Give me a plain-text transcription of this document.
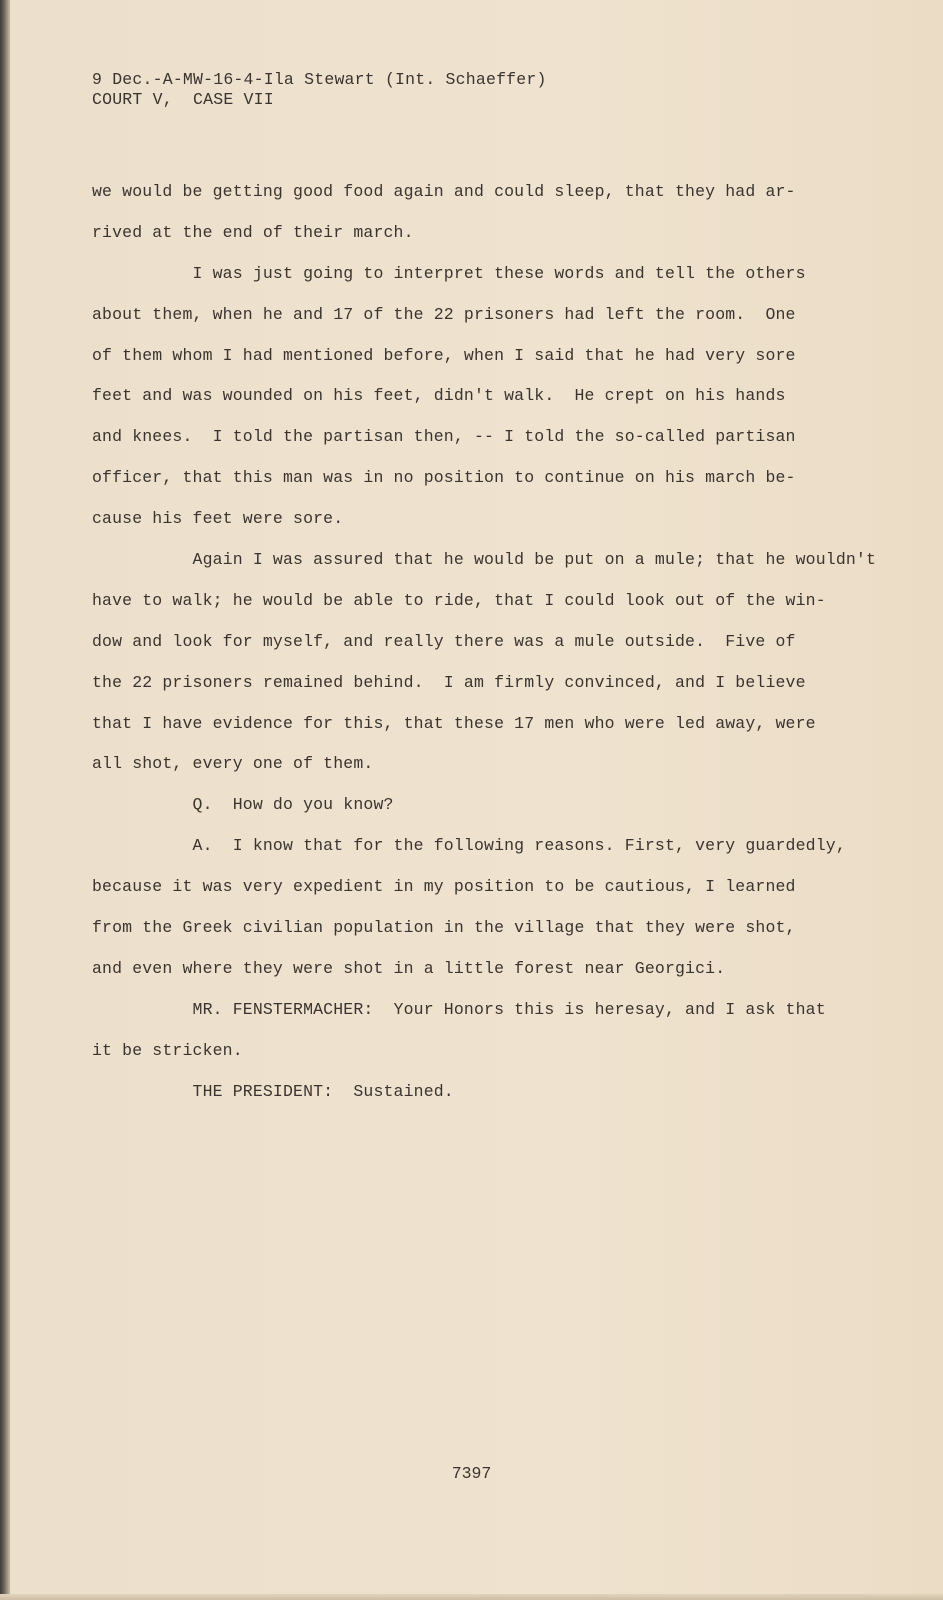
9 Dec.-A-MW-16-4-Ila Stewart (Int. Schaeffer)
COURT V,  CASE VII
we would be getting good food again and could sleep, that they had ar-
rived at the end of their march.
I was just going to interpret these words and tell the others
about them, when he and 17 of the 22 prisoners had left the room.  One
of them whom I had mentioned before, when I said that he had very sore
feet and was wounded on his feet, didn't walk.  He crept on his hands
and knees.  I told the partisan then, -- I told the so-called partisan
officer, that this man was in no position to continue on his march be-
cause his feet were sore.
Again I was assured that he would be put on a mule; that he wouldn't
have to walk; he would be able to ride, that I could look out of the win-
dow and look for myself, and really there was a mule outside.  Five of
the 22 prisoners remained behind.  I am firmly convinced, and I believe
that I have evidence for this, that these 17 men who were led away, were
all shot, every one of them.
Q.  How do you know?
A.  I know that for the following reasons. First, very guardedly,
because it was very expedient in my position to be cautious, I learned
from the Greek civilian population in the village that they were shot,
and even where they were shot in a little forest near Georgici.
MR. FENSTERMACHER:  Your Honors this is heresay, and I ask that
it be stricken.
THE PRESIDENT:  Sustained.
7397
